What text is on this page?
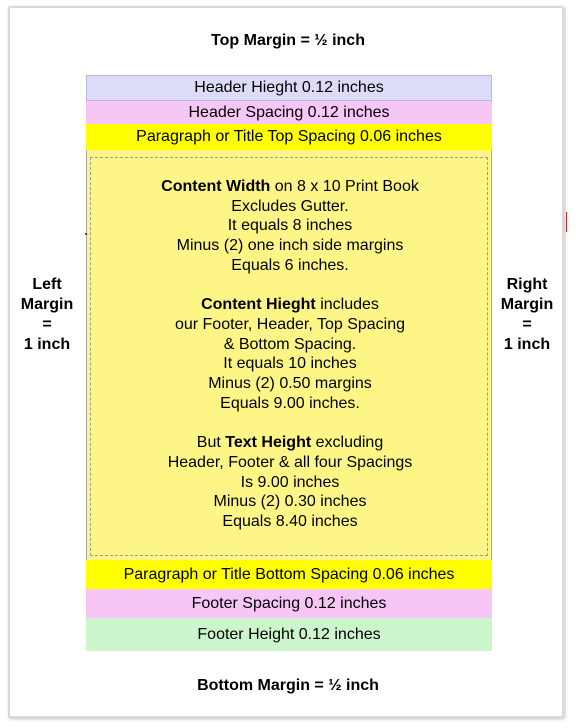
Top Margin = ½ inch
Left
Margin
=
1 inch
Right
Margin
=
1 inch
Header Hieght 0.12 inches
Header Spacing 0.12 inches
Paragraph or Title Top Spacing 0.06 inches

Content Width on 8 x 10 Print Book
Excludes Gutter.
It equals 8 inches
Minus (2) one inch side margins
Equals 6 inches.

Content Hieght includes
our Footer, Header, Top Spacing
& Bottom Spacing.
It equals 10 inches
Minus (2) 0.50 margins
Equals 9.00 inches.

But Text Height excluding
Header, Footer & all four Spacings
Is 9.00 inches
Minus (2) 0.30 inches
Equals 8.40 inches

Paragraph or Title Bottom Spacing 0.06 inches
Footer Spacing 0.12 inches
Footer Height 0.12 inches
Bottom Margin = ½ inch
